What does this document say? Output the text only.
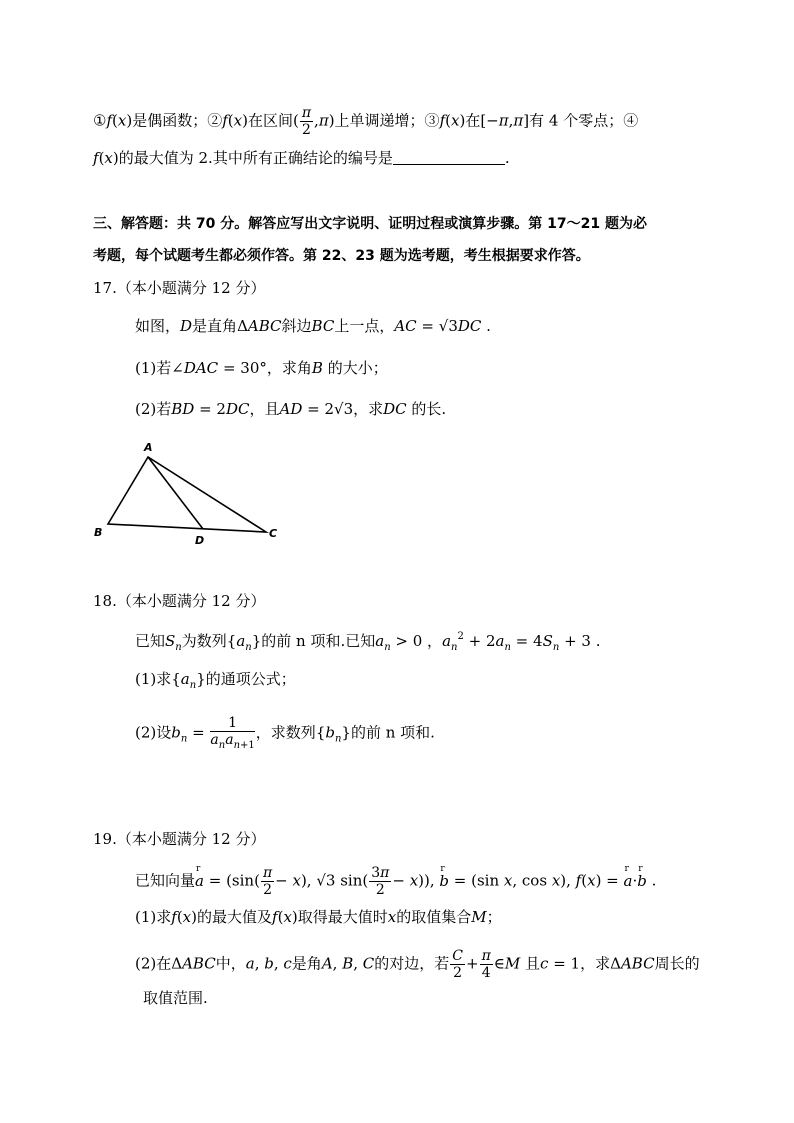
①f(x)是偶函数；②f(x)在区间( $\frac{\pi}{2} ,\pi$)上单调递增；③f(x)在[−π,π]有 4 个零点；④
f(x)的最大值为 2.其中所有正确结论的编号是	.
三、解答题：共 70 分。解答应写出文字说明、证明过程或演算步骤。第 17～21 题为必
考题，每个试题考生都必须作答。第 22、23 题为选考题，考生根据要求作答。
17.（本小题满分 12 分）
如图，D是直角ΔABC斜边BC上一点，AC = √3DC .
(1)若∠DAC = 30°，求角B 的大小；
(2)若BD = 2DC，且AD = 2√3，求DC 的长.
A
B
D
C
18.（本小题满分 12 分）
已知$S_n$为数列$\{a_n\}$的前 n 项和.已知$a_n > 0$ ，$a_n^2 + 2a_n = 4S_n + 3$ .
(1)求$\{a_n\}$的通项公式；
(2)设$b_n = \frac{1}{a_na_{n+1}}$ ，求数列$\{b_n\}$的前 n 项和.
19.（本小题满分 12 分）
已知向量r $a = (\sin( \frac{\pi}{2} - x)$, √3 $\sin( \frac{3\pi}{2} - x)$), r b = (sin x, cos x), f(x) = r a·r b .
(1)求f(x)的最大值及f(x)取得最大值时x的取值集合M；
(2)在ΔABC中，a, b, c是角A, B, C的对边，若 $\frac{C}{2} + \frac{\pi}{4}$ ∈M 且c = 1，求ΔABC周长的
取值范围.
